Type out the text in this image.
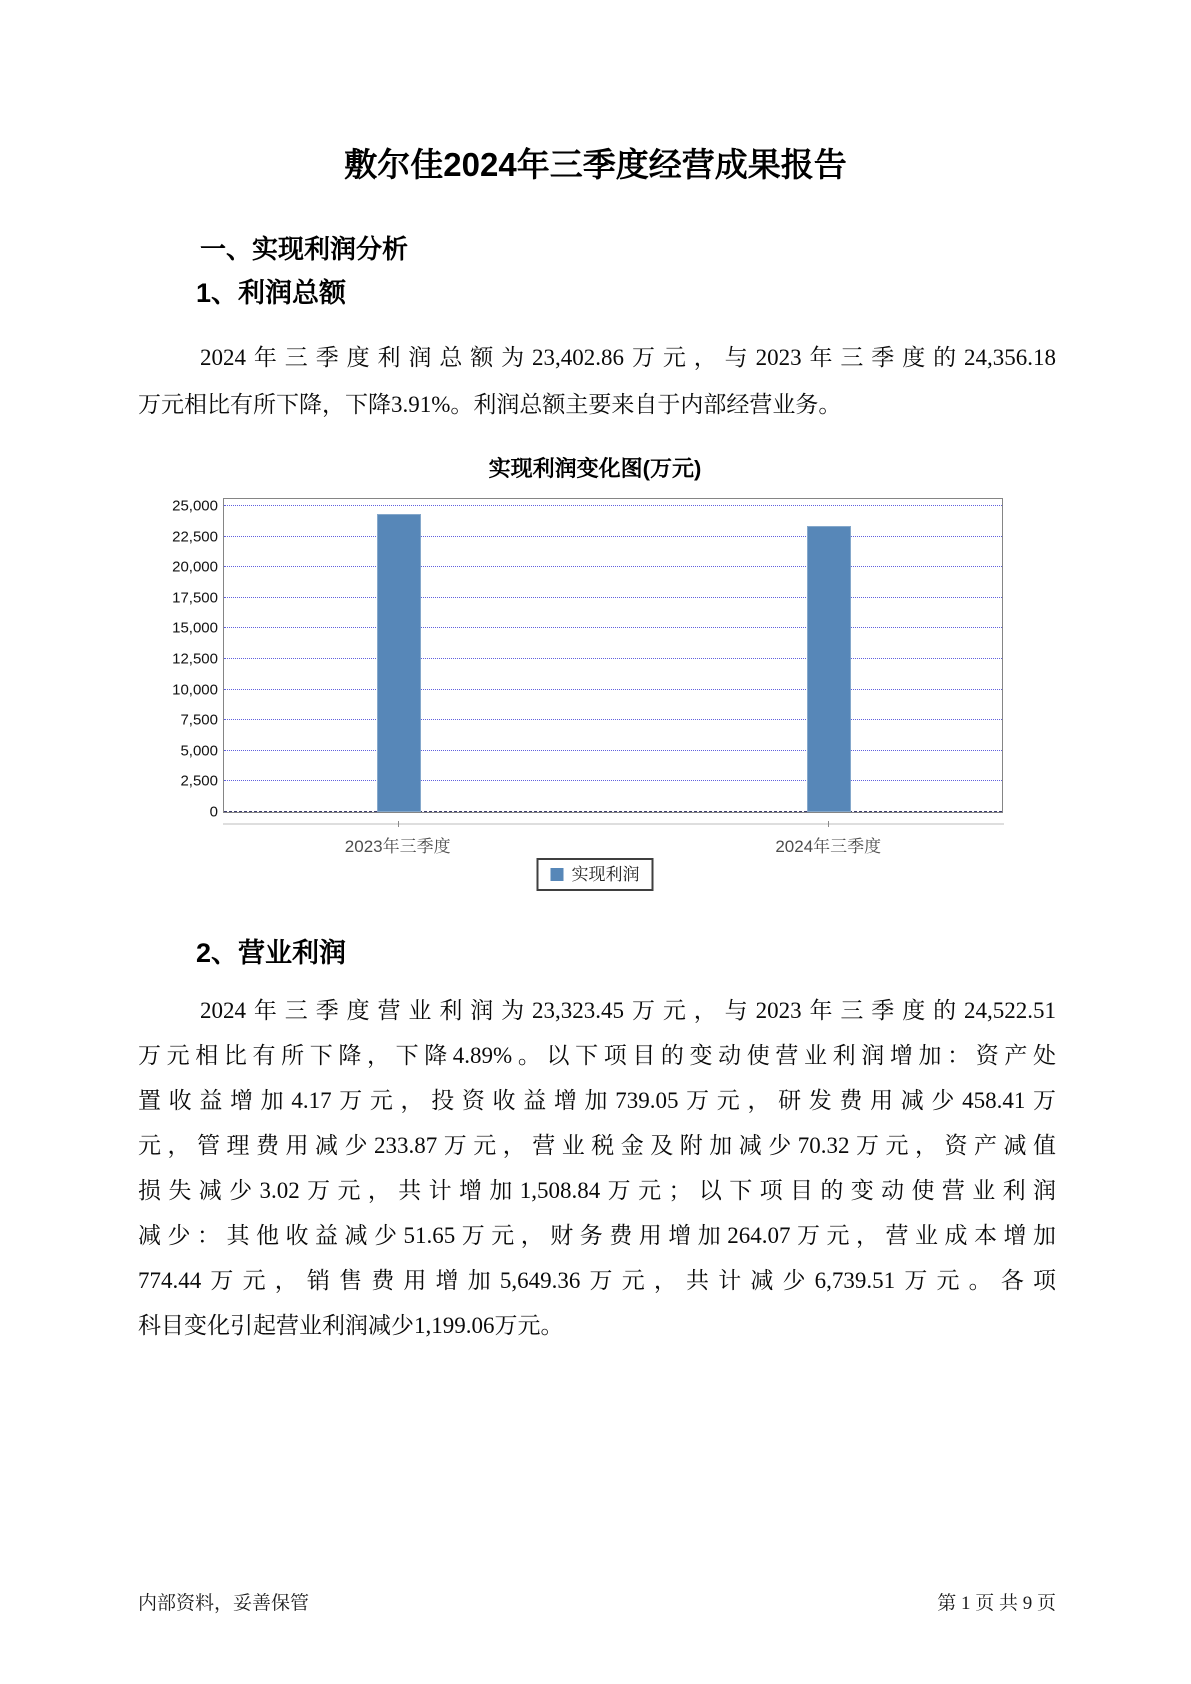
敷尔佳2024年三季度经营成果报告
一、实现利润分析
1、利润总额
2024年三季度利润总额为23,402.86万元，与2023年三季度的24,356.18
万元相比有所下降，下降3.91%。利润总额主要来自于内部经营业务。
实现利润变化图(万元)
0
2,500
5,000
7,500
10,000
12,500
15,000
17,500
20,000
22,500
25,000
实现利润
2023年三季度	2024年三季度
2、营业利润
2024年三季度营业利润为23,323.45万元，与2023年三季度的24,522.51
万元相比有所下降，下降4.89%。以下项目的变动使营业利润增加：资产处
置收益增加4.17万元，投资收益增加739.05万元，研发费用减少458.41万
元，管理费用减少233.87万元，营业税金及附加减少70.32万元，资产减值
损失减少3.02万元，共计增加1,508.84万元；以下项目的变动使营业利润
减少：其他收益减少51.65万元，财务费用增加264.07万元，营业成本增加
774.44万元，销售费用增加5,649.36万元，共计减少6,739.51万元。各项
科目变化引起营业利润减少1,199.06万元。
内部资料，妥善保管	第 1 页 共 9 页
